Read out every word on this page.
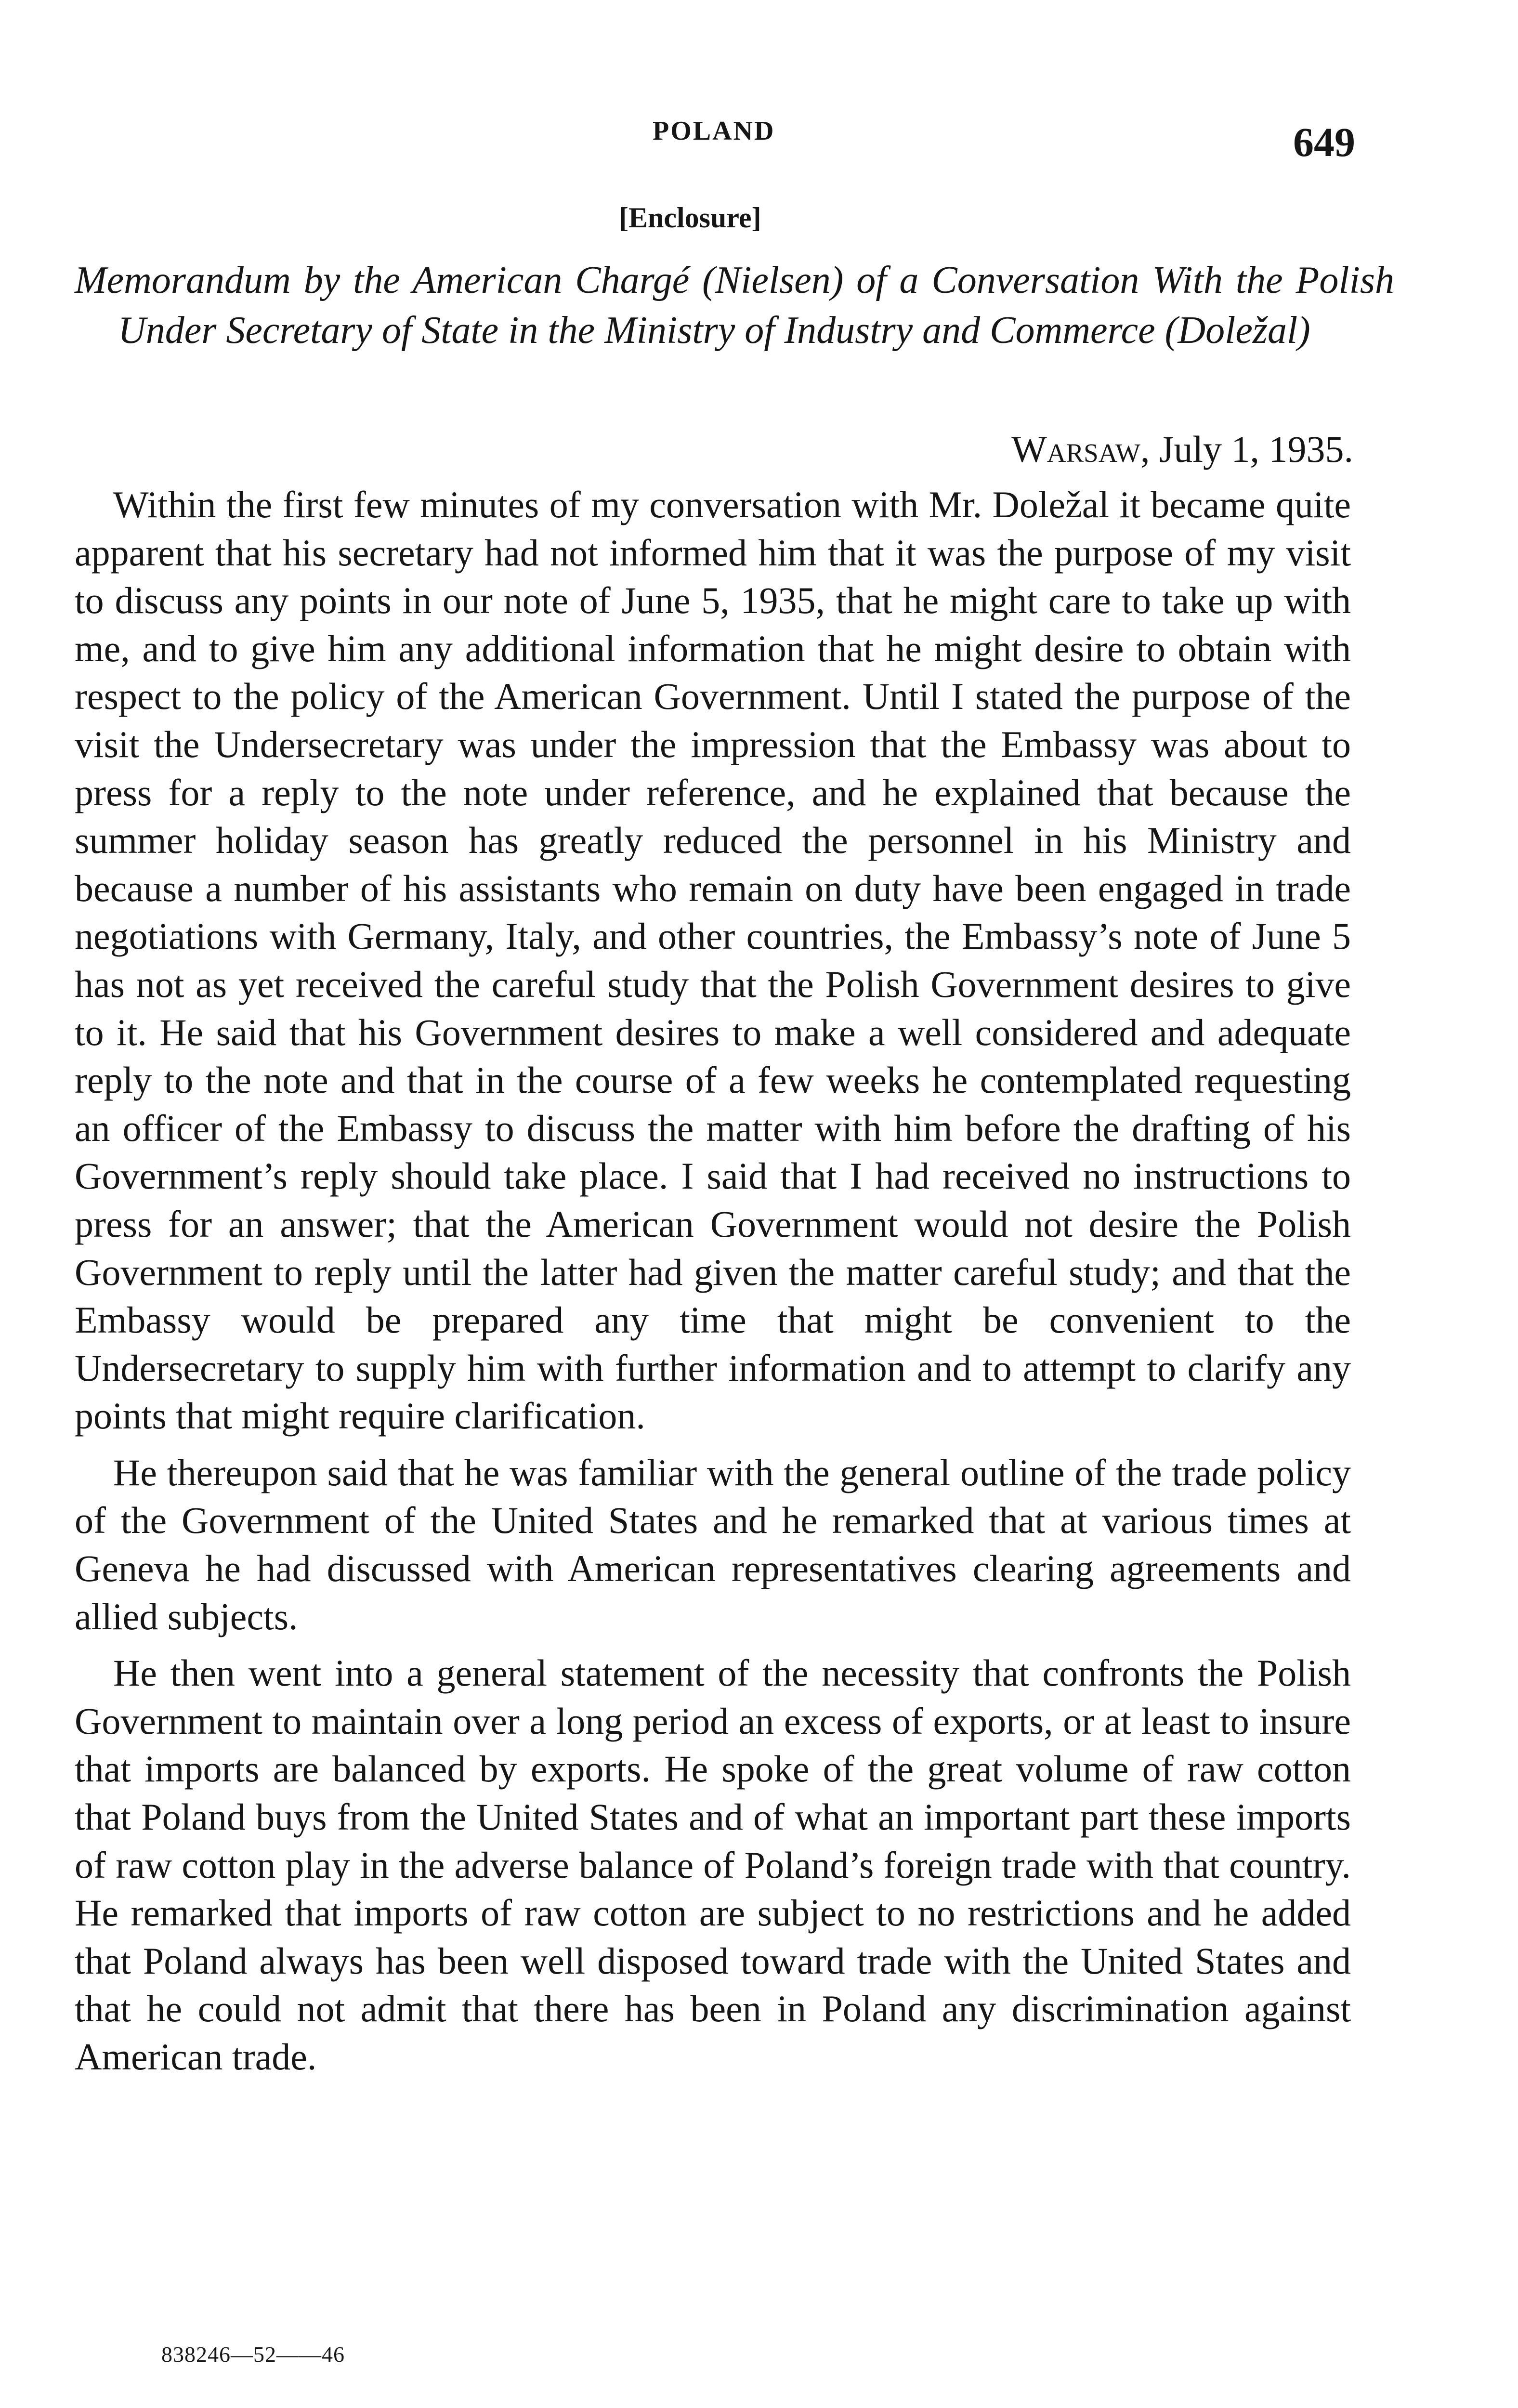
POLAND	649
[Enclosure]

Memorandum by the American Chargé (Nielsen) of a Conversation With the Polish Under Secretary of State in the Ministry of Industry and Commerce (Doležal)

Warsaw, July 1, 1935.

Within the first few minutes of my conversation with Mr. Doležal it became quite apparent that his secretary had not informed him that it was the purpose of my visit to discuss any points in our note of June 5, 1935, that he might care to take up with me, and to give him any additional information that he might desire to obtain with respect to the policy of the American Government. Until I stated the purpose of the visit the Undersecretary was under the impression that the Embassy was about to press for a reply to the note under reference, and he explained that because the summer holiday season has greatly reduced the personnel in his Ministry and because a number of his assistants who remain on duty have been engaged in trade negotiations with Germany, Italy, and other countries, the Embassy’s note of June 5 has not as yet received the careful study that the Polish Government desires to give to it. He said that his Government desires to make a well considered and adequate reply to the note and that in the course of a few weeks he contemplated requesting an officer of the Embassy to discuss the matter with him before the drafting of his Government’s reply should take place. I said that I had received no instructions to press for an answer; that the American Government would not desire the Polish Government to reply until the latter had given the matter careful study; and that the Embassy would be prepared any time that might be convenient to the Undersecretary to supply him with further information and to attempt to clarify any points that might require clarification.

He thereupon said that he was familiar with the general outline of the trade policy of the Government of the United States and he remarked that at various times at Geneva he had discussed with American representatives clearing agreements and allied subjects.

He then went into a general statement of the necessity that confronts the Polish Government to maintain over a long period an excess of exports, or at least to insure that imports are balanced by exports. He spoke of the great volume of raw cotton that Poland buys from the United States and of what an important part these imports of raw cotton play in the adverse balance of Poland’s foreign trade with that country. He remarked that imports of raw cotton are subject to no restrictions and he added that Poland always has been well disposed toward trade with the United States and that he could not admit that there has been in Poland any discrimination against American trade.

838246—52——46
